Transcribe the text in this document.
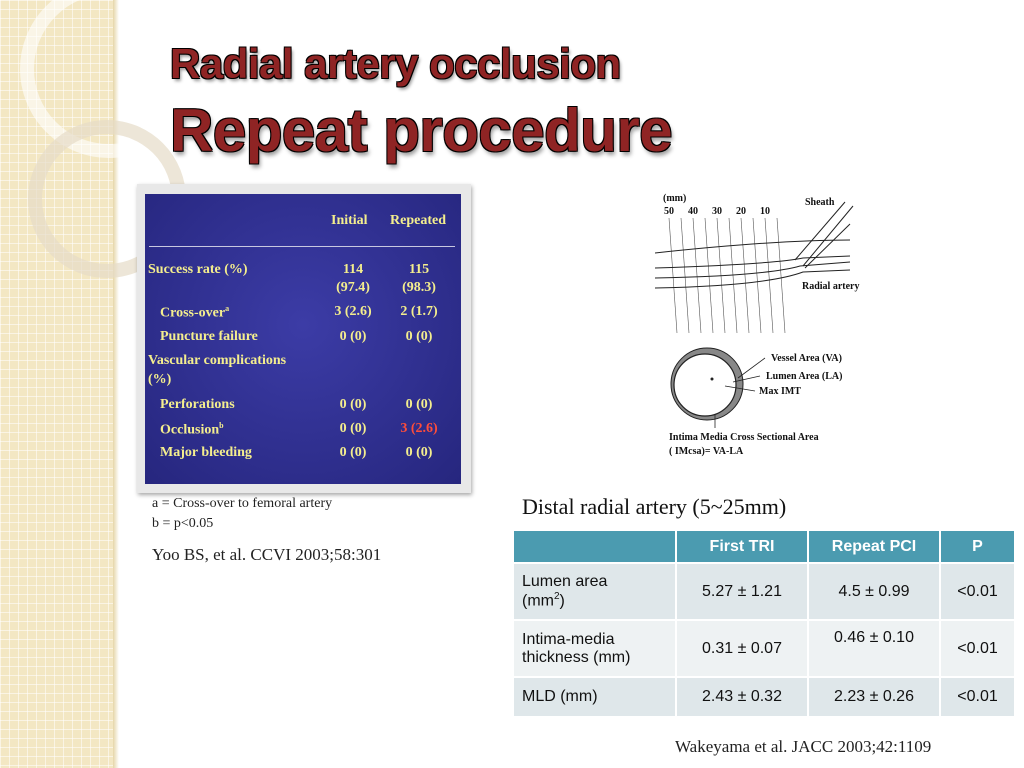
Radial artery occlusion
Repeat procedure
Initial Repeated
Success rate (%)	114	115
(97.4)	(98.3)
Cross-over$^a$	3 (2.6)	2 (1.7)
Puncture failure	0 (0)	0 (0)
Vascular complications
(%)
Perforations	0 (0)	0 (0)
Occlusion$^b$	0 (0)	3 (2.6)
Major bleeding	0 (0)	0 (0)
a = Cross-over to femoral artery
b = p<0.05
Yoo BS, et al. CCVI 2003;58:301
(mm)
50 40 30 20 10
Sheath
Radial artery
Vessel Area (VA)
Lumen Area (LA)
Max IMT
Intima Media Cross Sectional Area
( IMcsa)= VA-LA
Distal radial artery (5~25mm)
	First TRI	Repeat PCI	P
Lumen area
$(mm^2)$	5.27 ± 1.21	4.5 ± 0.99	<0.01
Intima-media
thickness (mm)	0.31 ± 0.07	0.46 ± 0.10	<0.01
MLD (mm)	2.43 ± 0.32	2.23 ± 0.26	<0.01
Wakeyama et al. JACC 2003;42:1109
